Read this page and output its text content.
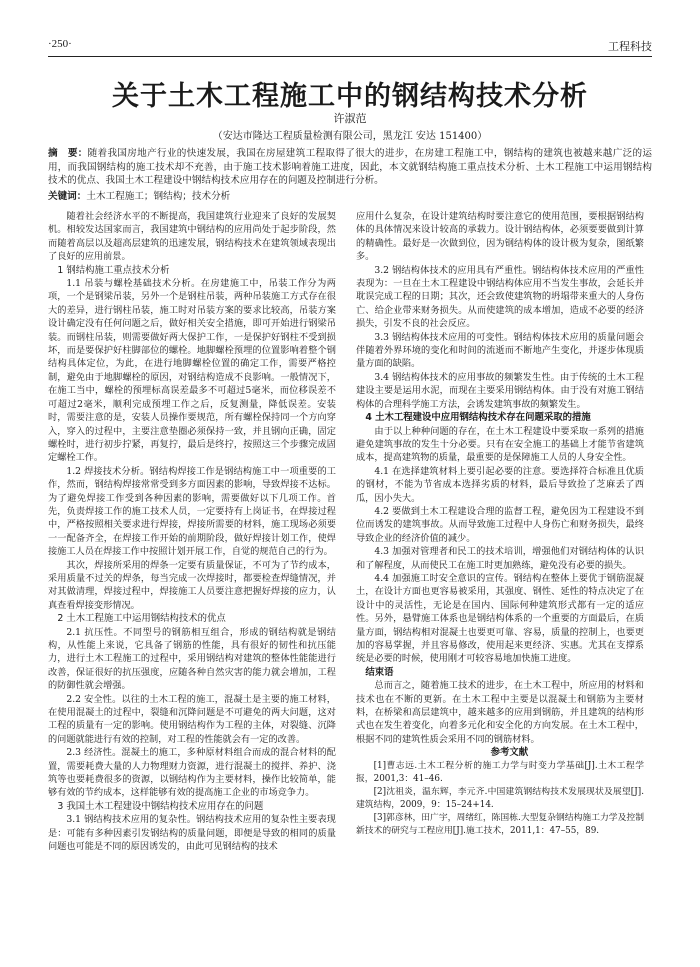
·250·	工程科技
关于土木工程施工中的钢结构技术分析
许淑范
（安达市隆达工程质量检测有限公司，黑龙江 安达 151400）
摘　要：随着我国房地产行业的快速发展，我国在房屋建筑工程取得了很大的进步，在房建工程施工中，钢结构的建筑也被越来越广泛的运用，而我国钢结构的施工技术却不充善，由于施工技术影响着施工进度，因此，本文就钢结构施工重点技术分析、土木工程施工中运用钢结构技术的优点、我国土木工程建设中钢结构技术应用存在的问题及控制进行分析。
关键词：土木工程施工；钢结构；技术分析

随着社会经济水平的不断提高，我国建筑行业迎来了良好的发展契机。相较发达国家而言，我国建筑中钢结构的应用尚处于起步阶段，然而随着高层以及超高层建筑的迅速发展，钢结构技术在建筑领域表现出了良好的应用前景。

1 钢结构施工重点技术分析

1.1 吊装与螺栓基础技术分析。在房建施工中，吊装工作分为两项，一个是钢梁吊装，另外一个是钢柱吊装，两种吊装施工方式存在很大的差异，进行钢柱吊装，施工时对吊装方案的要求比较高，吊装方案设计确定没有任何问题之后，做好相关安全措施，即可开始进行钢梁吊装。而钢柱吊装，则需要做好两大保护工作，一是保护好钢柱不受到损坏，而是要保护好柱脚部位的螺栓。地脚螺栓预埋的位置影响着整个钢结构具体定位，为此，在进行地脚螺栓位置的确定工作，需要严格控制，避免由于地脚螺栓的原因，对钢结构造成不良影响。一般情况下，在施工当中，螺栓的预埋标高误差最多不可超过5毫米，而位移误差不可超过2毫米，顺利完成预埋工作之后，反复测量，降低误差。安装时，需要注意的是，安装人员操作要规范，所有螺栓保持同一个方向穿入，穿入的过程中，主要注意垫圈必须保持一致，并且钢向正确，固定螺栓时，进行初步拧紧，再复拧，最后是终拧，按照这三个步骤完成固定螺栓工作。

1.2 焊接技术分析。钢结构焊接工作是钢结构施工中一项重要的工作，然而，钢结构焊接常常受到多方面因素的影响，导致焊接不达标。为了避免焊接工作受到各种因素的影响，需要做好以下几项工作。首先，负责焊接工作的施工技术人员，一定要持有上岗证书，在焊接过程中，严格按照相关要求进行焊接，焊接所需要的材料，施工现场必须要一一配备齐全，在焊接工作开始的前期阶段，做好焊接计划工作，使焊接施工人员在焊接工作中按照计划开展工作，自觉的规范自己的行为。

其次，焊接所采用的焊条一定要有质量保证，不可为了节约成本，采用质量不过关的焊条，每当完成一次焊接时，都要检查焊缝情况，并对其做清理，焊接过程中，焊接施工人员要注意把握好焊接的应力，认真查看焊接变形情况。

2 土木工程施工中运用钢结构技术的优点

2.1 抗压性。不同型号的钢筋相互组合，形成的钢结构就是钢结构，从性能上来说，它具备了钢筋的性能，具有很好的韧性和抗压能力，进行土木工程施工的过程中，采用钢结构对建筑的整体性能能进行改善，保证很好的抗压强度，应随各种自然灾害的能力就会增加，工程的防御性就会增强。

2.2 安全性。以往的土木工程的施工，混凝土是主要的施工材料，在使用混凝土的过程中，裂缝和沉降问题是不可避免的两大问题，这对工程的质量有一定的影响。使用钢结构作为工程的主体，对裂缝、沉降的问题就能进行有效的控制，对工程的性能就会有一定的改善。

2.3 经济性。混凝土的施工，多种原材料组合而成的混合材料的配置，需要耗费大量的人力物理财力资源，进行混凝土的搅拌、养护、浇筑等也要耗费很多的资源，以钢结构作为主要材料，操作比较简单，能够有效的节约成本，这样能够有效的提高施工企业的市场竞争力。

3 我国土木工程建设中钢结构技术应用存在的问题

3.1 钢结构技术应用的复杂性。钢结构技术应用的复杂性主要表现是：可能有多种因素引发钢结构的质量问题，即便是导致的相同的质量问题也可能是不同的原因诱发的，由此可见钢结构的技术

应用什么复杂，在设计建筑结构时要注意它的使用范围，要根据钢结构体的具体情况来设计较高的承载力。设计钢结构体，必须要要做到计算的精确性。最好是一次做到位，因为钢结构体的设计极为复杂，图纸繁多。

3.2 钢结构体技术的应用具有严重性。钢结构体技术应用的严重性表现为：一旦在土木工程建设中钢结构体应用不当发生事故，会延长并耽误完成工程的日期；其次，还会致使建筑物的坍塌带来重大的人身伤亡、给企业带来财务损失。从而使建筑的成本增加，造成不必要的经济损失，引发不良的社会反应。

3.3 钢结构体技术应用的可变性。钢结构体技术应用的质量问题会伴随着外界环境的变化和时间的流逝而不断地产生变化，并逐步体现质量方面的缺陷。

3.4 钢结构体技术的应用事故的频繁发生性。由于传统的土木工程建设主要是运用水泥，而现在主要采用钢结构体。由于没有对施工钢结构体的合理科学施工方法，会诱发建筑事故的频繁发生。

4 土木工程建设中应用钢结构技术存在问题采取的措施

由于以上种种问题的存在，在土木工程建设中要采取一系列的措施避免建筑事故的发生十分必要。只有在安全施工的基础上才能节省建筑成本，提高建筑物的质量，最重要的是保障施工人员的人身安全性。

4.1 在选择建筑材料上要引起必要的注意。要选择符合标准且优质的钢材，不能为节省成本选择劣质的材料，最后导致捡了芝麻丢了西瓜，因小失大。

4.2 要做到土木工程建设合理的监督工程，避免因为工程建设不到位而诱发的建筑事故。从而导致施工过程中人身伤亡和财务损失，最终导致企业的经济价值的减少。

4.3 加强对管理者和民工的技术培训，增强他们对钢结构体的认识和了解程度，从而使民工在施工时更加熟练，避免没有必要的损失。

4.4 加强施工时安全意识的宣传。钢结构在整体上要优于钢筋混凝土，在设计方面也更容易被采用，其强度、钢性、延性的特点决定了在设计中的灵活性，无论是在国内、国际何种建筑形式都有一定的适应性。另外，悬臂施工体系也是钢结构体系的一个重要的方面最后，在质量方面，钢结构相对混凝土也要更可靠、容易，质量的控制上，也要更加的容易掌握，并且容易修改，使用起来更经济、实惠。尤其在支撑系统是必要的时候，使用刚才可较容易地加快施工进度。

结束语

总而言之，随着施工技术的进步，在土木工程中，所应用的材料和技术也在不断的更新。在土木工程中主要是以混凝土和钢筋为主要材料，在桥梁和高层建筑中，越来越多的应用到钢筋，并且建筑的结构形式也在发生着变化，向着多元化和安全化的方向发展。在土木工程中，根据不同的建筑性质会采用不同的钢筋材料。

参考文献

[1]曹志远.土木工程分析的施工力学与时变力学基础[J].土木工程学报，2001,3：41–46.

[2]沈祖炎，温东辉，李元齐.中国建筑钢结构技术发展现状及展望[J].建筑结构，2009，9：15–24+14.

[3]郭彦林，田广宇，周绪红，陈国栋.大型复杂钢结构施工力学及控制新技术的研究与工程应用[J].施工技术，2011,1：47–55，89.
